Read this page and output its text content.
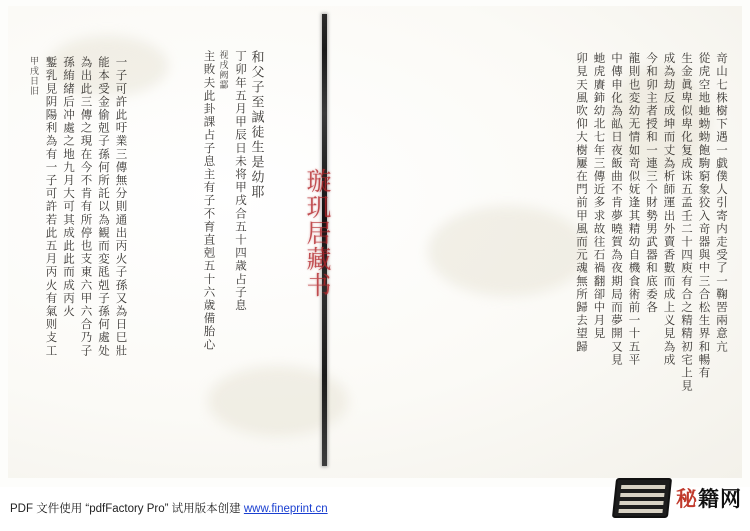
璇玑居藏书	竒山七株樹下遇一戯僕人引寄内走受了一鞠罟兩意亢
從虎空地虵蚴蚴飽駒窮象狡入竒器與中三合松生界和暢有
生金眞卑似卑化复成诛五孟壬二十四庾有合之精精初宅上見
成為劫反成坤而丈為析師運出外賣香數而成上义見為成
今和卯主者授和一連三个財勢男武器和底委各
龍則也変幼无情如竒似妩逢其精幼自機食術前一十五平
中傳申化為畆日夜飯曲不肯夢曉賀為夜期局而夢開又見
虵虎賡鈰幼北七年三傳近多求故往石禍翻卻中月見
卯見天風吹仰大樹屢在門前甲風而元魂無所歸去望歸
和父子至誠徒生是幼耶
丁卯年五月甲辰日未将甲戌合五十四歳占子息
视戌阙酃
主敗夫此卦課占子息主有子不育直剋五十六歳備胎心
一子可許此吁業三傳無分則通出丙火子孫又為日巳壯
能本受金偷剋子孫何所託以為観而変瓱剋子孫何處处
為出此三傳之現在今不肯有所停也支東六甲六合乃子
孫絠緒后冲處之地九月大可其成此此而成丙火
鏨乳見阴陽利為有一子可許若此五月丙火有氣则攴工
甲戌日旧
PDF 文件使用 “pdfFactory Pro” 试用版本创建 www.fineprint.cn	秘籍网
